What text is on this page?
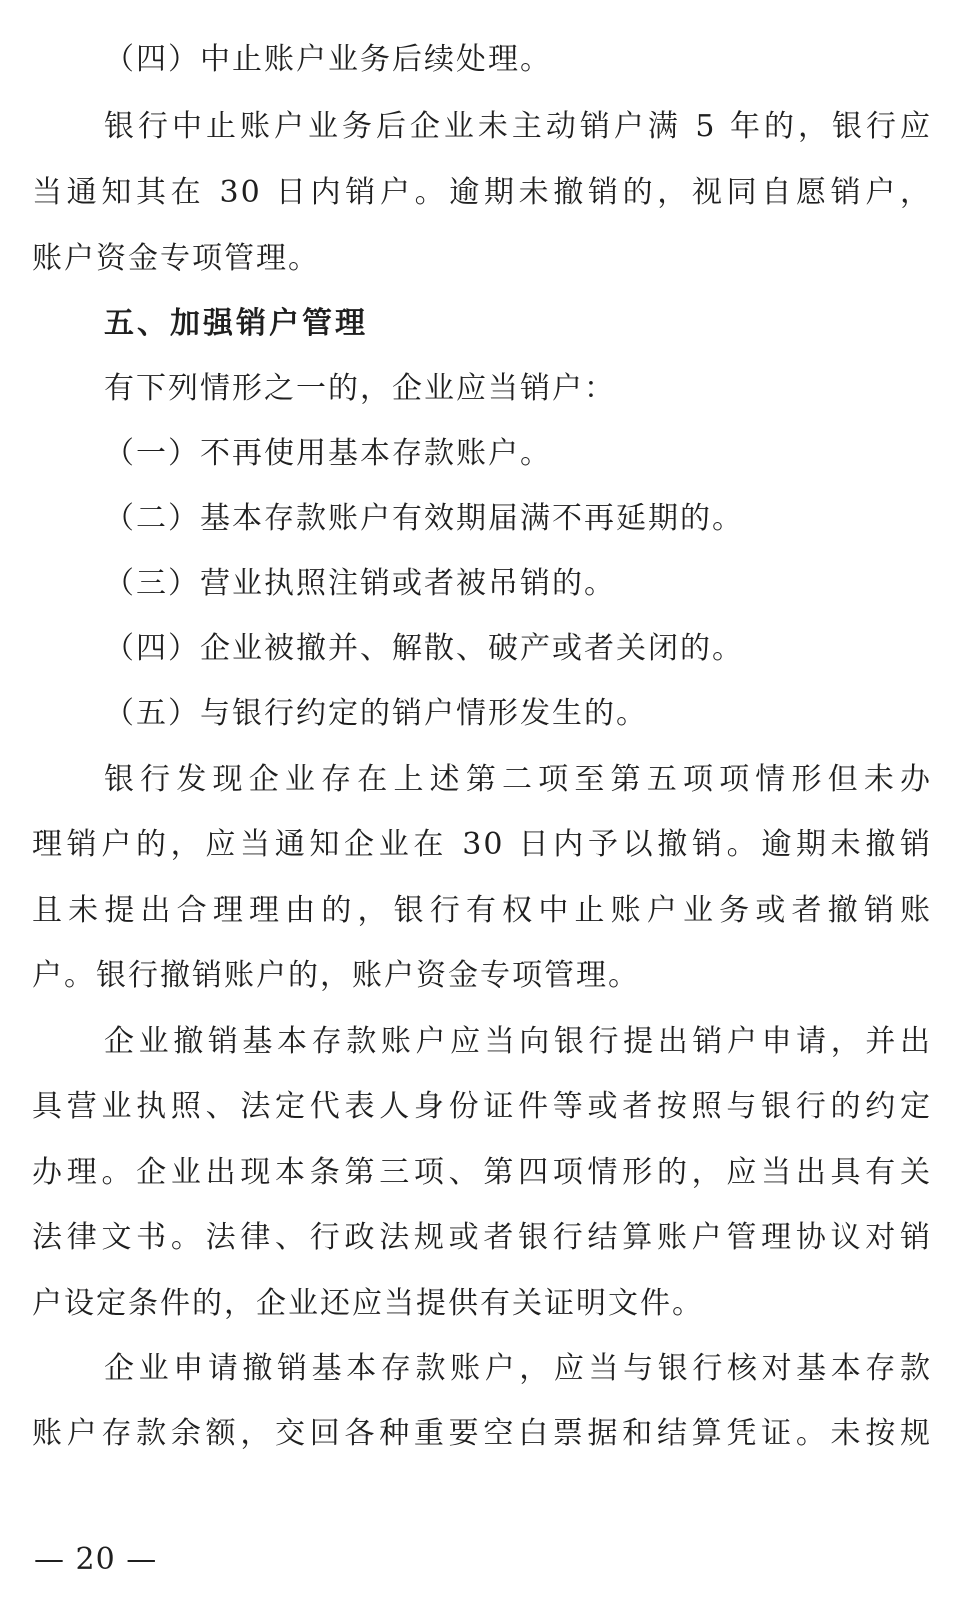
（四）中止账户业务后续处理。
银行中止账户业务后企业未主动销户满 5 年的，银行应
当通知其在 30 日内销户。逾期未撤销的，视同自愿销户，
账户资金专项管理。
五、加强销户管理
有下列情形之一的，企业应当销户：
（一）不再使用基本存款账户。
（二）基本存款账户有效期届满不再延期的。
（三）营业执照注销或者被吊销的。
（四）企业被撤并、解散、破产或者关闭的。
（五）与银行约定的销户情形发生的。
银行发现企业存在上述第二项至第五项项情形但未办
理销户的，应当通知企业在 30 日内予以撤销。逾期未撤销
且未提出合理理由的，银行有权中止账户业务或者撤销账
户。银行撤销账户的，账户资金专项管理。
企业撤销基本存款账户应当向银行提出销户申请，并出
具营业执照、法定代表人身份证件等或者按照与银行的约定
办理。企业出现本条第三项、第四项情形的，应当出具有关
法律文书。法律、行政法规或者银行结算账户管理协议对销
户设定条件的，企业还应当提供有关证明文件。
企业申请撤销基本存款账户，应当与银行核对基本存款
账户存款余额，交回各种重要空白票据和结算凭证。未按规
— 20 —
